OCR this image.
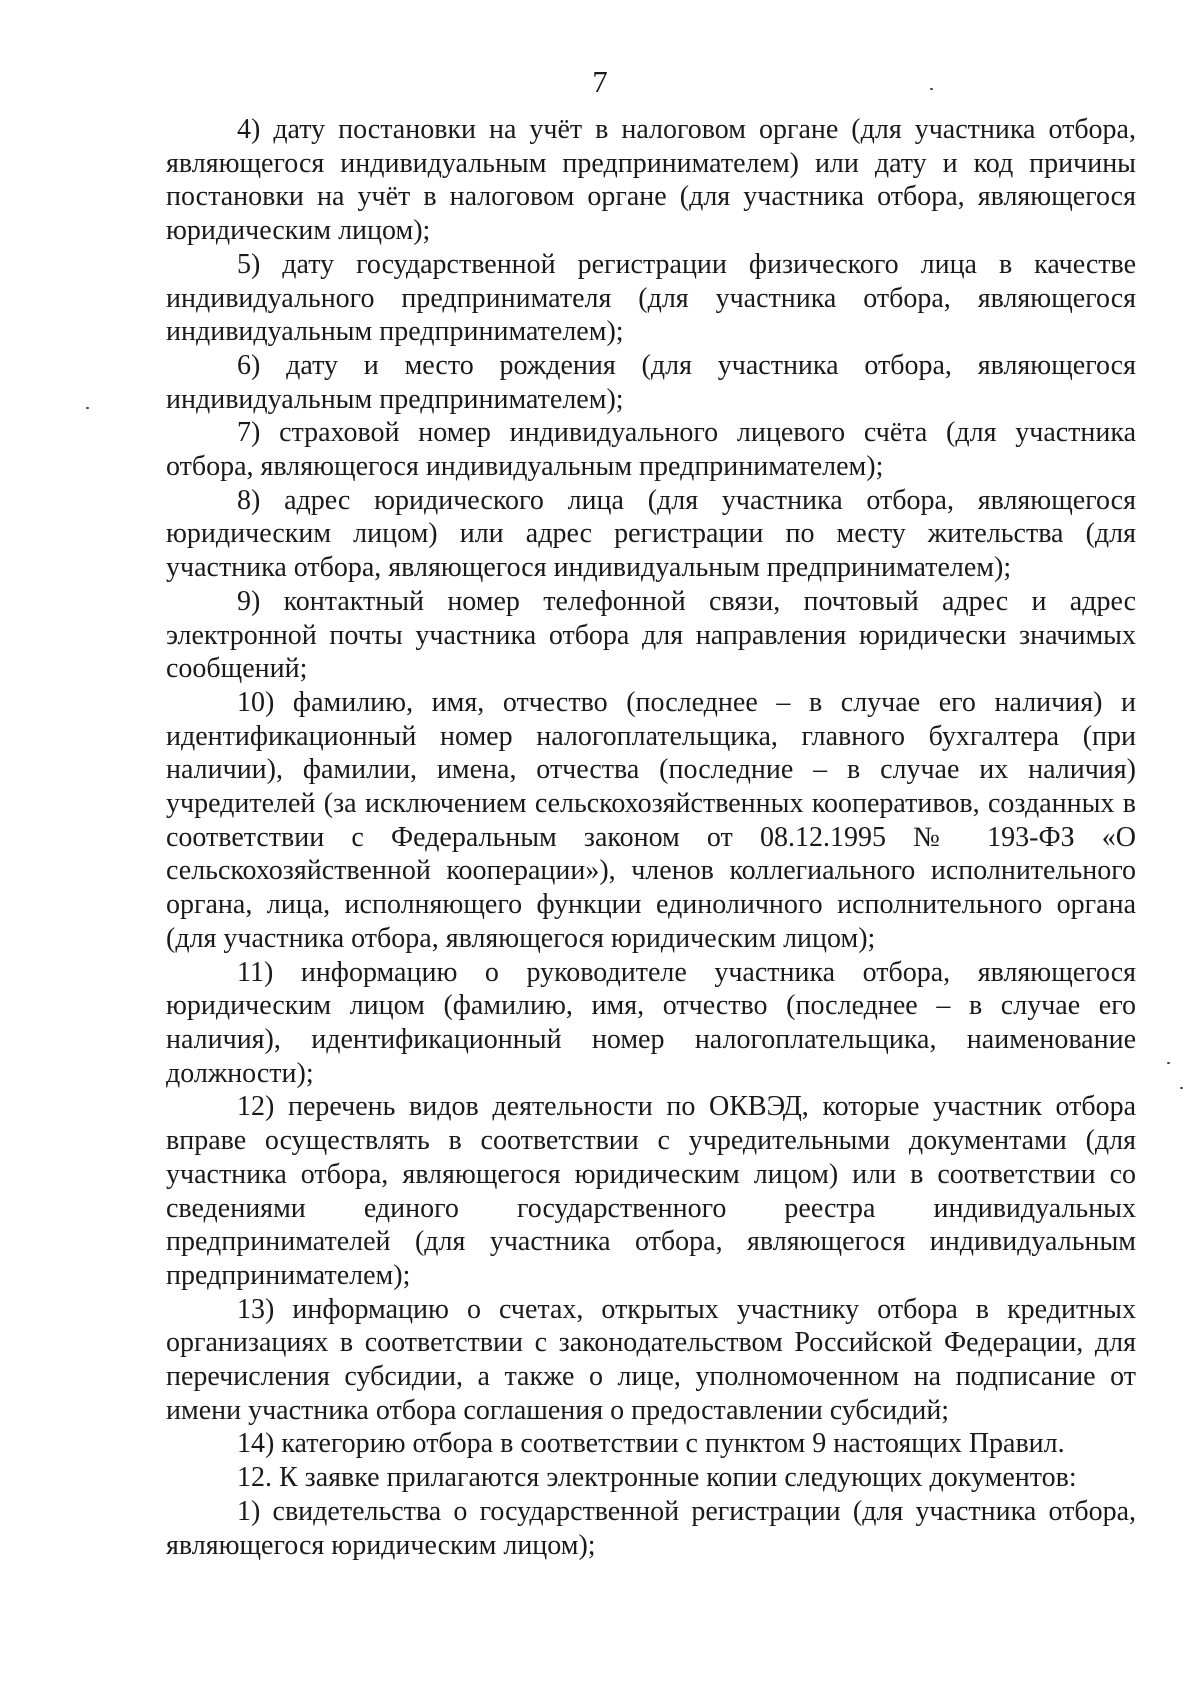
7

4) дату постановки на учёт в налоговом органе (для участника отбора, являющегося индивидуальным предпринимателем) или дату и код причины постановки на учёт в налоговом органе (для участника отбора, являющегося юридическим лицом);

5) дату государственной регистрации физического лица в качестве индивидуального предпринимателя (для участника отбора, являющегося индивидуальным предпринимателем);

6) дату и место рождения (для участника отбора, являющегося индивидуальным предпринимателем);

7) страховой номер индивидуального лицевого счёта (для участника отбора, являющегося индивидуальным предпринимателем);

8) адрес юридического лица (для участника отбора, являющегося юридическим лицом) или адрес регистрации по месту жительства (для участника отбора, являющегося индивидуальным предпринимателем);

9) контактный номер телефонной связи, почтовый адрес и адрес электронной почты участника отбора для направления юридически значимых сообщений;

10) фамилию, имя, отчество (последнее – в случае его наличия) и идентификационный номер налогоплательщика, главного бухгалтера (при наличии), фамилии, имена, отчества (последние – в случае их наличия) учредителей (за исключением сельскохозяйственных кооперативов, созданных в соответствии с Федеральным законом от 08.12.1995 № 193-ФЗ «О сельскохозяйственной кооперации»), членов коллегиального исполнительного органа, лица, исполняющего функции единоличного исполнительного органа (для участника отбора, являющегося юридическим лицом);

11) информацию о руководителе участника отбора, являющегося юридическим лицом (фамилию, имя, отчество (последнее – в случае его наличия), идентификационный номер налогоплательщика, наименование должности);

12) перечень видов деятельности по ОКВЭД, которые участник отбора вправе осуществлять в соответствии с учредительными документами (для участника отбора, являющегося юридическим лицом) или в соответствии со сведениями единого государственного реестра индивидуальных предпринимателей (для участника отбора, являющегося индивидуальным предпринимателем);

13) информацию о счетах, открытых участнику отбора в кредитных организациях в соответствии с законодательством Российской Федерации, для перечисления субсидии, а также о лице, уполномоченном на подписание от имени участника отбора соглашения о предоставлении субсидий;

14) категорию отбора в соответствии с пунктом 9 настоящих Правил.

12. К заявке прилагаются электронные копии следующих документов:

1) свидетельства о государственной регистрации (для участника отбора, являющегося юридическим лицом);
